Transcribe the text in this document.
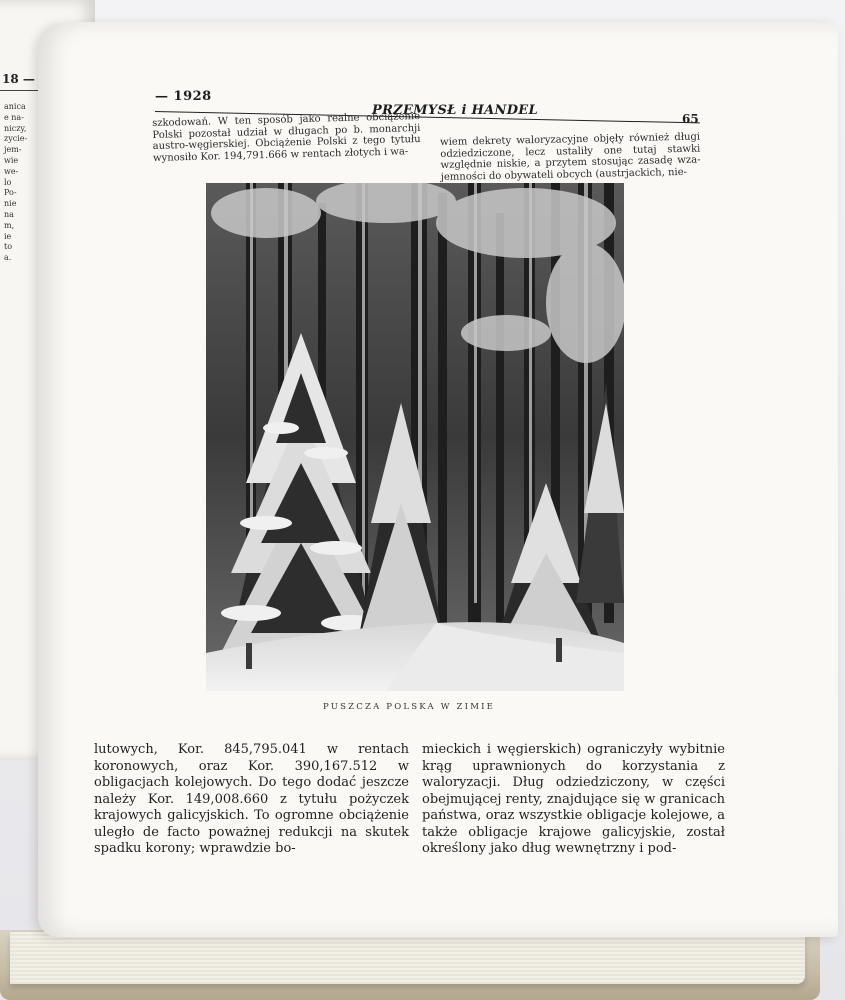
18 —
anica
e na-
niczy,
zycie-
jem-
wie
we-
lo
Po-
nie
na
m,
ie
to
a.
— 1928
PRZEMYSŁ i HANDEL
65

szkodowań. W ten sposób jako realne obciążenie Polski pozostał udział w długach po b. monarchji austro-węgierskiej. Obciążenie Polski z tego tytułu wynosiło Kor. 194,791.666 w rentach złotych i wa-

wiem dekrety waloryzacyjne objęły również długi odziedziczone, lecz ustaliły one tutaj stawki względnie niskie, a przytem stosując zasadę wza- jemności do obywateli obcych (austrjackich, nie-

PUSZCZA POLSKA W ZIMIE

lutowych, Kor. 845,795.041 w rentach koronowych, oraz Kor. 390,167.512 w obligacjach kolejowych. Do tego dodać jeszcze należy Kor. 149,008.660 z tytułu pożyczek krajowych galicyjskich. To ogromne obciążenie uległo de facto poważnej redukcji na skutek spadku korony; wprawdzie bo-

mieckich i węgierskich) ograniczyły wybitnie krąg uprawnionych do korzystania z waloryzacji. Dług odziedziczony, w części obejmującej renty, znajdujące się w granicach państwa, oraz wszystkie obligacje kolejowe, a także obligacje krajowe galicyjskie, został określony jako dług wewnętrzny i pod-
